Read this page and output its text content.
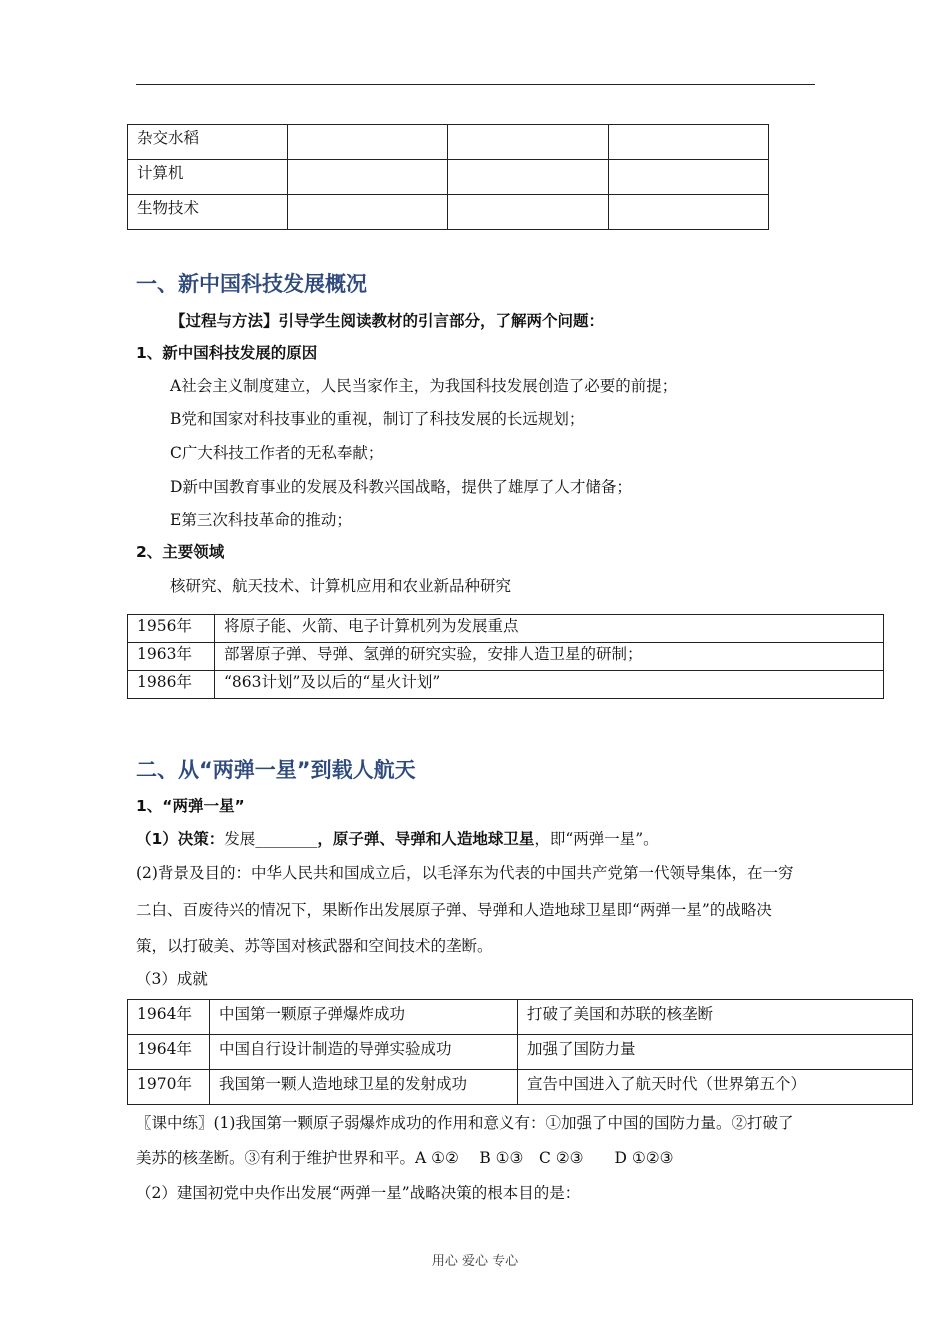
杂交水稻			
计算机			
生物技术			
一、新中国科技发展概况
【过程与方法】引导学生阅读教材的引言部分，了解两个问题：
1、新中国科技发展的原因
A社会主义制度建立，人民当家作主，为我国科技发展创造了必要的前提；
B党和国家对科技事业的重视，制订了科技发展的长远规划；
C广大科技工作者的无私奉献；
D新中国教育事业的发展及科教兴国战略，提供了雄厚了人才储备；
E第三次科技革命的推动；
2、主要领域
核研究、航天技术、计算机应用和农业新品种研究
1956年	将原子能、火箭、电子计算机列为发展重点
1963年	部署原子弹、导弹、氢弹的研究实验，安排人造卫星的研制；
1986年	“863计划”及以后的“星火计划”
二、从“两弹一星”到载人航天
1、“两弹一星”
（1）决策：发展________，原子弹、导弹和人造地球卫星，即“两弹一星”。
(2)背景及目的：中华人民共和国成立后，以毛泽东为代表的中国共产党第一代领导集体，在一穷
二白、百废待兴的情况下，果断作出发展原子弹、导弹和人造地球卫星即“两弹一星”的战略决
策，以打破美、苏等国对核武器和空间技术的垄断。
（3）成就
1964年	中国第一颗原子弹爆炸成功	打破了美国和苏联的核垄断
1964年	中国自行设计制造的导弹实验成功	加强了国防力量
1970年	我国第一颗人造地球卫星的发射成功	宣告中国进入了航天时代（世界第五个）
〖课中练〗(1)我国第一颗原子弱爆炸成功的作用和意义有：①加强了中国的国防力量。②打破了
美苏的核垄断。③有利于维护世界和平。A ①②　 B ①③　C ②③　　D ①②③
（2）建国初党中央作出发展“两弹一星”战略决策的根本目的是：
用心 爱心 专心
